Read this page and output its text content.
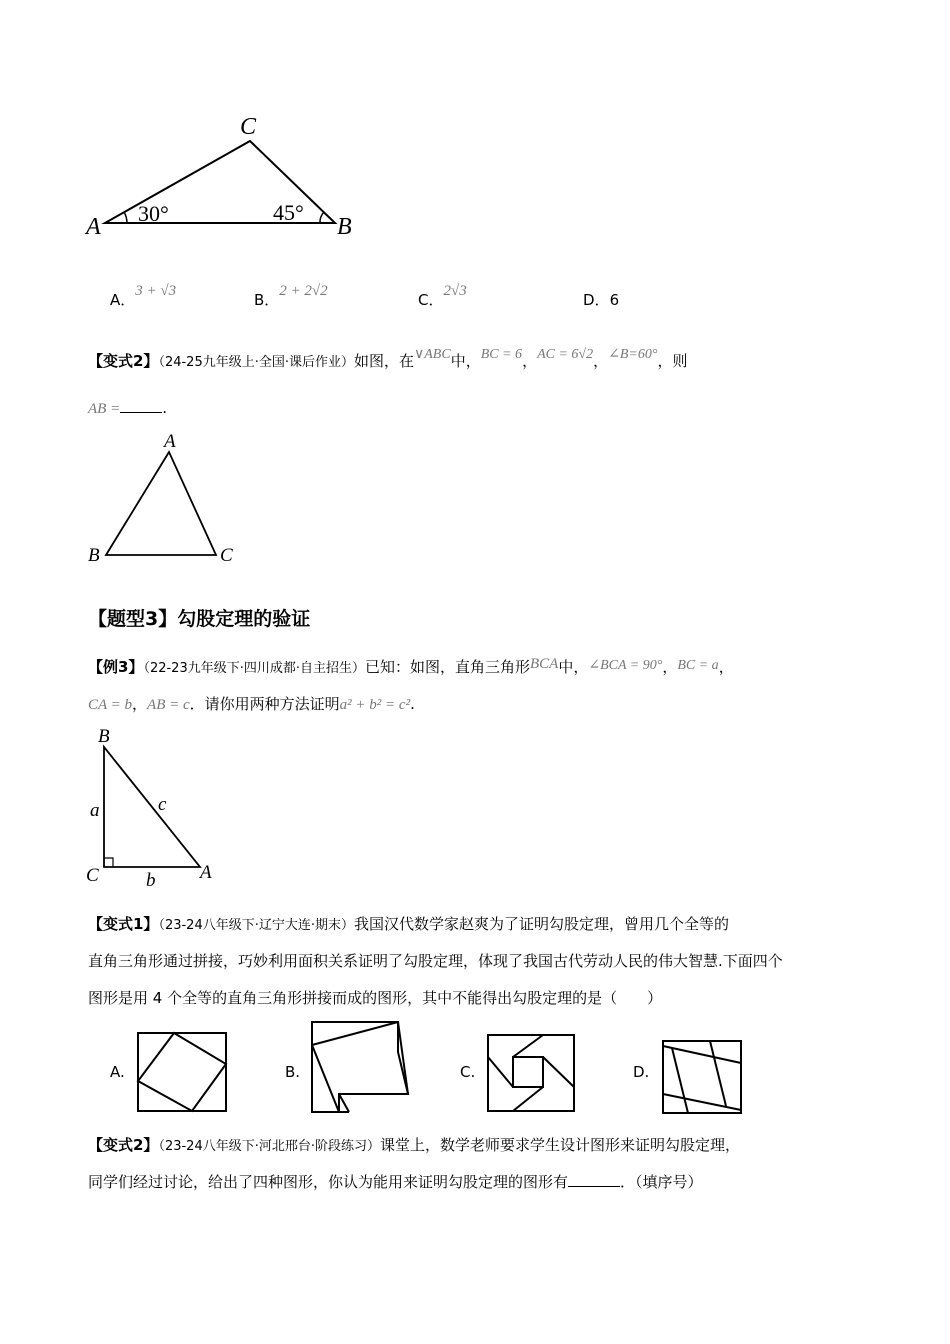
C
A	B
30°	45°
A．3 + √3	B．2 + 2√2	C．2√3	D．6
【变式2】（24-25九年级上·全国·课后作业）如图，在∨ABC中，BC = 6，AC = 6√2，∠B=60°，则
AB =	.
A
B	C
【题型3】勾股定理的验证
【例3】（22-23九年级下·四川成都·自主招生）已知：如图，直角三角形BCA中，∠BCA = 90°，BC = a，
CA = b，AB = c．请你用两种方法证明a² + b² = c².
B
a	c
C b A
【变式1】（23-24八年级下·辽宁大连·期末）我国汉代数学家赵爽为了证明勾股定理，曾用几个全等的
直角三角形通过拼接，巧妙利用面积关系证明了勾股定理，体现了我国古代劳动人民的伟大智慧.下面四个
图形是用 4 个全等的直角三角形拼接而成的图形，其中不能得出勾股定理的是（　　）
A.	B.	C.	D.
【变式2】（23-24八年级下·河北邢台·阶段练习）课堂上，数学老师要求学生设计图形来证明勾股定理，
同学们经过讨论，给出了四种图形，你认为能用来证明勾股定理的图形有	．（填序号）
